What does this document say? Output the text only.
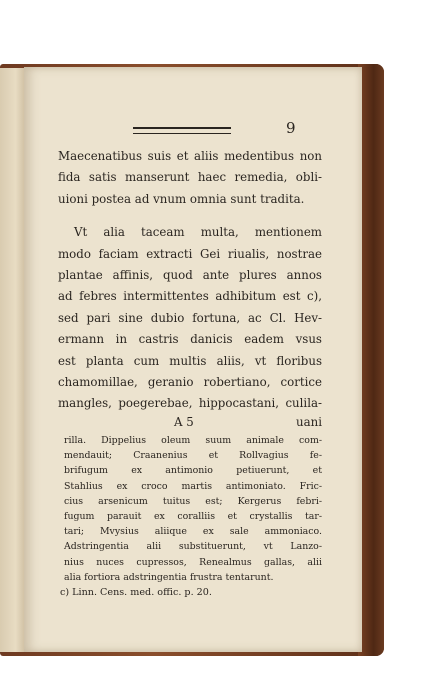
9
Maecenatibus suis et aliis medentibus non
fida satis manserunt haec remedia, obli-
uioni postea ad vnum omnia sunt tradita.
Vt alia taceam multa, mentionem
modo faciam extracti Gei riualis, nostrae
plantae affinis, quod ante plures annos
ad febres intermittentes adhibitum est c),
sed pari sine dubio fortuna, ac Cl. Hev-
ermann in castris danicis eadem vsus
est planta cum multis aliis, vt floribus
chamomillae, geranio robertiano, cortice
mangles, poegerebae, hippocastani, culila-
A 5	uani
rilla. Dippelius oleum suum animale com-
mendauit; Craanenius et Rollvagius fe-
brifugum ex antimonio petiuerunt, et
Stahlius ex croco martis antimoniato. Fric-
cius arsenicum tuitus est; Kergerus febri-
fugum parauit ex coralliis et crystallis tar-
tari; Mvysius aliique ex sale ammoniaco.
Adstringentia alii substituerunt, vt Lanzo-
nius nuces cupressos, Renealmus gallas, alii
alia fortiora adstringentia frustra tentarunt.
c) Linn. Cens. med. offic. p. 20.
